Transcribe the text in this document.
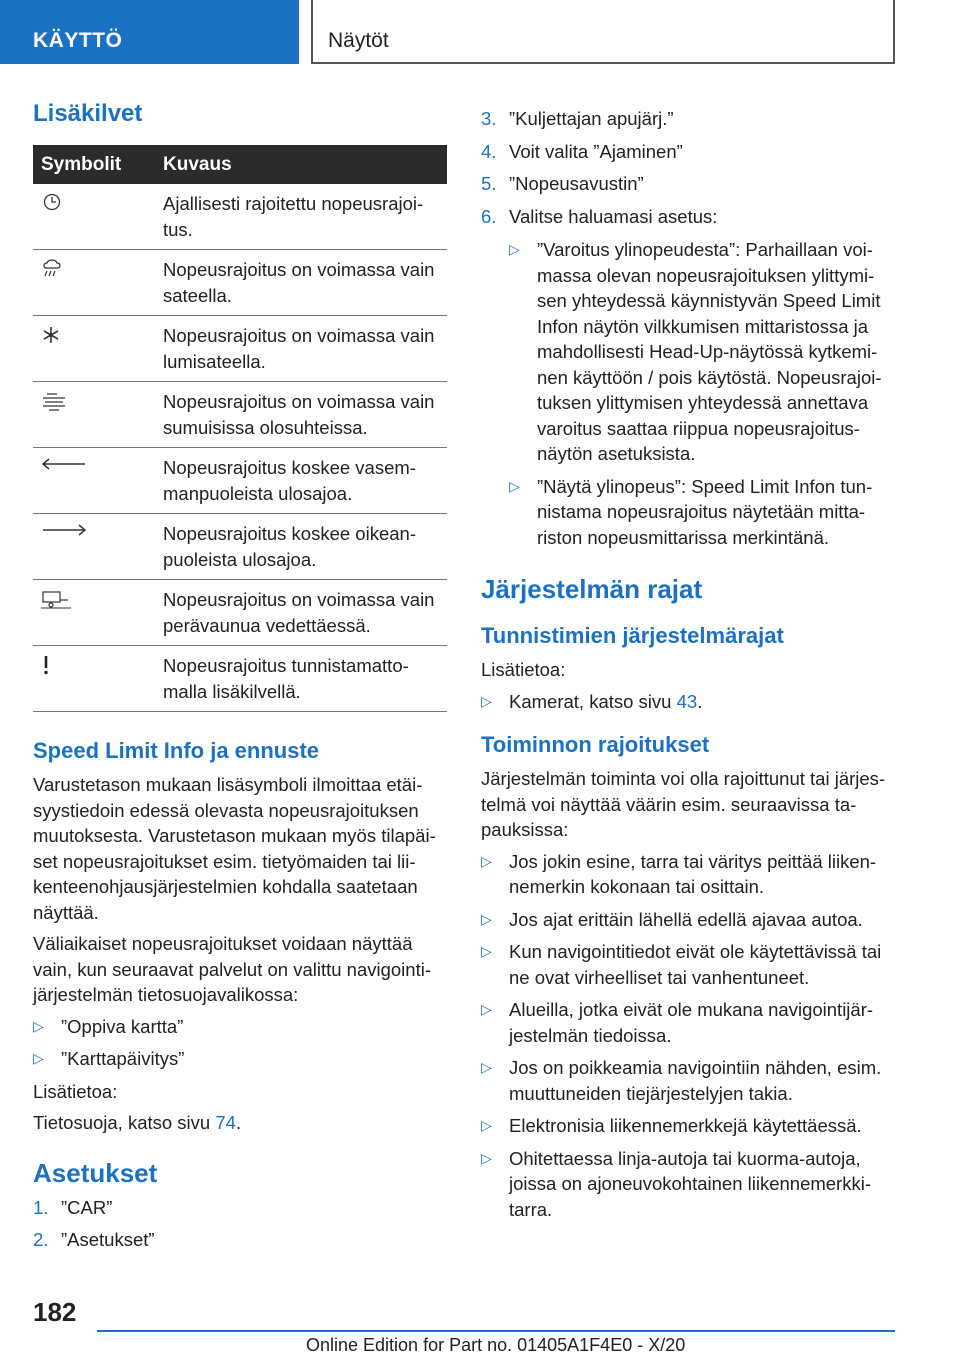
KÄYTTÖ	Näytöt
Lisäkilvet
Symbolit	Kuvaus

	Ajallisesti rajoitettu nopeusrajoitus.

	Nopeusrajoitus on voimassa vain sateella.

	Nopeusrajoitus on voimassa vain lumisateella.

	Nopeusrajoitus on voimassa vain sumuisissa olosuhteissa.

	Nopeusrajoitus koskee vasemmanpuoleista ulosajoa.

	Nopeusrajoitus koskee oikeanpuoleista ulosajoa.

	Nopeusrajoitus on voimassa vain perävaunua vedettäessä.

	Nopeusrajoitus tunnistamattomalla lisäkilvellä.
Speed Limit Info ja ennuste

Varustetason mukaan lisäsymboli ilmoittaa etäisyystiedoin edessä olevasta nopeusrajoituksen muutoksesta. Varustetason mukaan myös tilapäiset nopeusrajoitukset esim. tietyömaiden tai liikenteenohjausjärjestelmien kohdalla saatetaan näyttää.

Väliaikaiset nopeusrajoitukset voidaan näyttää vain, kun seuraavat palvelut on valittu navigointijärjestelmän tietosuojavalikossa:

▷ ”Oppiva kartta”
▷ ”Karttapäivitys”

Lisätietoa:

Tietosuoja, katso sivu 74.

Asetukset
1. ”CAR”
2. ”Asetukset”
3. ”Kuljettajan apujärj.”
4. Voit valita ”Ajaminen”
5. ”Nopeusavustin”
6. Valitse haluamasi asetus:
▷ ”Varoitus ylinopeudesta”: Parhaillaan voimassa olevan nopeusrajoituksen ylittymisen yhteydessä käynnistyvän Speed Limit Infon näytön vilkkumisen mittaristossa ja mahdollisesti Head-Up-näytössä kytkeminen käyttöön / pois käytöstä. Nopeusrajoituksen ylittymisen yhteydessä annettava varoitus saattaa riippua nopeusrajoitusnäytön asetuksista.
▷ ”Näytä ylinopeus”: Speed Limit Infon tunnistama nopeusrajoitus näytetään mittariston nopeusmittarissa merkintänä.
Järjestelmän rajat
Tunnistimien järjestelmärajat

Lisätietoa:

▷ Kamerat, katso sivu 43.
Toiminnon rajoitukset

Järjestelmän toiminta voi olla rajoittunut tai järjestelmä voi näyttää väärin esim. seuraavissa tapauksissa:

▷ Jos jokin esine, tarra tai väritys peittää liikennemerkin kokonaan tai osittain.
▷ Jos ajat erittäin lähellä edellä ajavaa autoa.
▷ Kun navigointitiedot eivät ole käytettävissä tai ne ovat virheelliset tai vanhentuneet.
▷ Alueilla, jotka eivät ole mukana navigointijärjestelmän tiedoissa.
▷ Jos on poikkeamia navigointiin nähden, esim. muuttuneiden tiejärjestelyjen takia.
▷ Elektronisia liikennemerkkejä käytettäessä.
▷ Ohitettaessa linja-autoja tai kuorma-autoja, joissa on ajoneuvokohtainen liikennemerkkitarra.
182
Online Edition for Part no. 01405A1F4E0 - X/20
